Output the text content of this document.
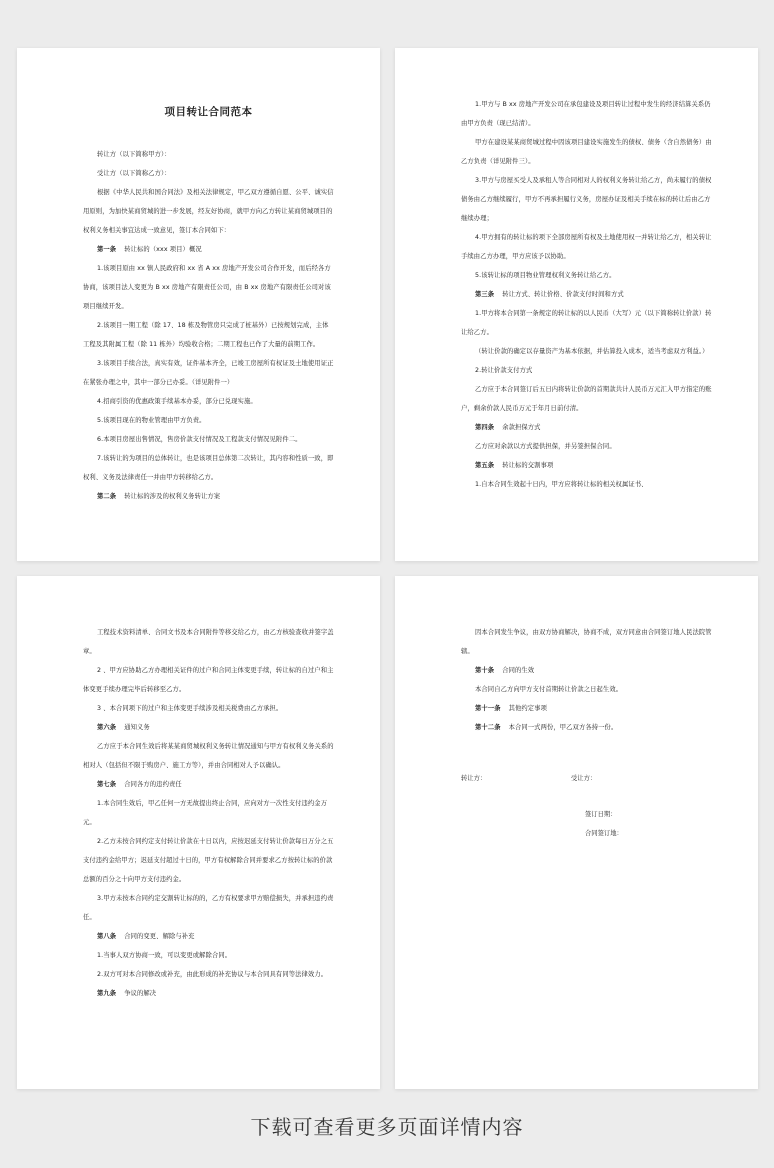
项目转让合同范本

转让方（以下简称甲方）：

受让方（以下简称乙方）：

根据《中华人民共和国合同法》及相关法律规定，甲乙双方遵循自愿、公平、诚实信用原则，为加快某商贸城的进一步发展，经友好协商，就甲方向乙方转让某商贸城项目的权利义务相关事宜达成一致意见，签订本合同如下：

第一条 转让标的（xxx 项目）概况

1.该项目原由 xx 镇人民政府和 xx 省 A xx 房地产开发公司合作开发，而后经各方协商，该项目法人变更为 B xx 房地产有限责任公司，由 B xx 房地产有限责任公司对该项目继续开发。

2.该项目一期工程（除 17、18 栋及物管房只完成了桩基外）已按规划完成，主体工程及其附属工程（除 11 栋外）均验收合格；二期工程也已作了大量的前期工作。

3.该项目手续合法，真实有效，证件基本齐全，已竣工房屋所有权证及土地使用证正在紧张办理之中，其中一部分已办妥。（详见附件一）

4.招商引资的优惠政策手续基本办妥，部分已兑现实施。

5.该项目现在的物业管理由甲方负责。

6.本项目房屋出售情况，售房价款支付情况及工程款支付情况见附件二。

7.该转让的为项目的总体转让，也是该项目总体第二次转让，其内容和性质一致，即权利、义务及法律责任一并由甲方转移给乙方。

第二条 转让标的涉及的权利义务转让方案

1.甲方与 B xx 房地产开发公司在承包建设及项目转让过程中发生的经济结算关系仍由甲方负责（现已结清）。

甲方在建设某某商贸城过程中因该项目建设实施发生的债权、债务（含自然债务）由乙方负责（详见附件三）。

3.甲方与房屋买受人及承租人等合同相对人的权利义务转让给乙方，尚未履行的债权债务由乙方继续履行，甲方不再承担履行义务，房屋办证及相关手续在标的转让后由乙方继续办理；

4.甲方拥有的转让标的项下全部房屋所有权及土地使用权一并转让给乙方，相关转让手续由乙方办理，甲方应该予以协助。

5.该转让标的项目物业管理权利义务转让给乙方。

第三条 转让方式、转让价格、价款支付时间和方式

1.甲方将本合同第一条规定的转让标的以人民币（大写）元（以下简称转让价款）转让给乙方。

（转让价款的确定以存量资产为基本依据，并估算投入成本，适当考虑双方利益。）

2.转让价款支付方式

乙方应于本合同签订后五日内将转让价款的首期款共计人民币万元汇入甲方指定的账户，剩余价款人民币万元于年月日前付清。

第四条 余款担保方式

乙方应对余款以方式提供担保，并另签担保合同。

第五条 转让标的交割事项

1.自本合同生效起十日内，甲方应将转让标的相关权属证书、

工程技术资料清单、合同文书及本合同附件等移交给乙方，由乙方核验查收并签字盖章。

2 、甲方应协助乙方办理相关证件的过户和合同主体变更手续，转让标的自过户和主体变更手续办理完毕后转移至乙方。

3 、本合同项下的过户和主体变更手续涉及相关税费由乙方承担。

第六条 通知义务

乙方应于本合同生效后将某某商贸城权利义务转让情况通知与甲方有权利义务关系的相对人（包括但不限于购房户、施工方等），并由合同相对人予以确认。

第七条 合同各方的违约责任

1.本合同生效后，甲乙任何一方无故提出终止合同，应向对方一次性支付违约金万元。

2.乙方未按合同约定支付转让价款在十日以内，应按迟延支付转让价款每日万分之五支付违约金给甲方；迟延支付超过十日的，甲方有权解除合同并要求乙方按转让标的价款总额的百分之十向甲方支付违约金。

3.甲方未按本合同约定交割转让标的的，乙方有权要求甲方赔偿损失，并承担违约责任。

第八条 合同的变更、解除与补充

1.当事人双方协商一致，可以变更或解除合同。

2.双方可对本合同修改或补充，由此形成的补充协议与本合同具有同等法律效力。

第九条 争议的解决

因本合同发生争议，由双方协商解决，协商不成，双方同意由合同签订地人民法院管辖。

第十条 合同的生效

本合同自乙方向甲方支付首期转让价款之日起生效。

第十一条 其他约定事项

第十二条 本合同一式两份，甲乙双方各持一份。

转让方：	受让方：
签订日期：
合同签订地：
下载可查看更多页面详情内容
